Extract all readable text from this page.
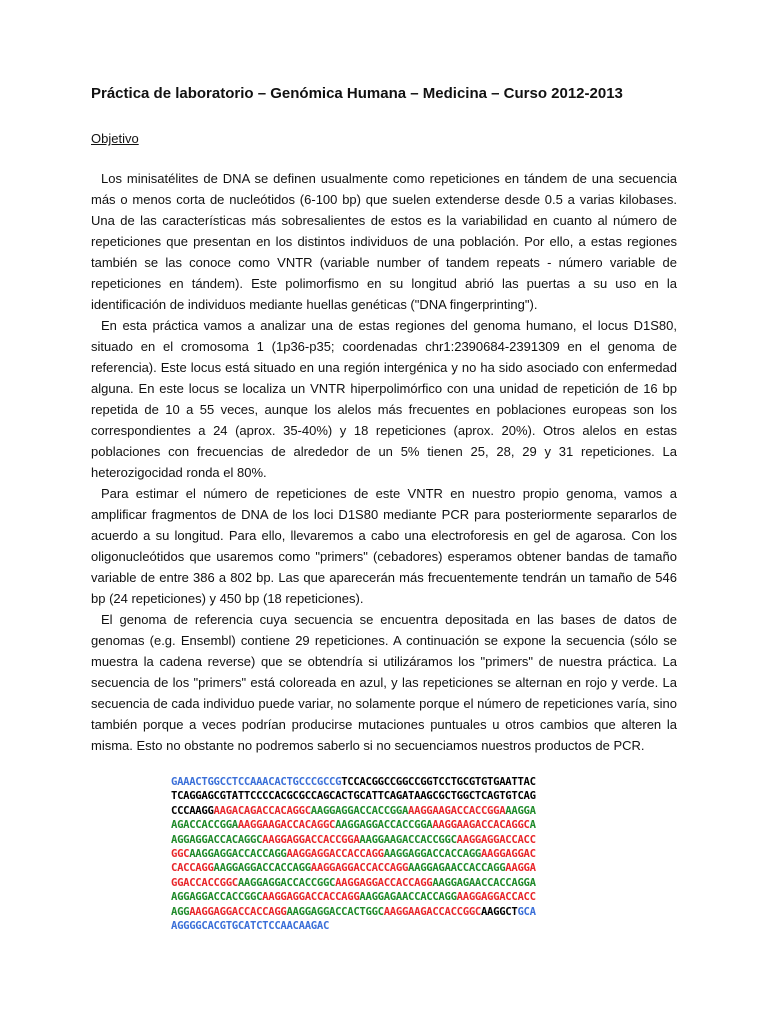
Práctica de laboratorio – Genómica Humana – Medicina – Curso 2012-2013
Objetivo

Los minisatélites de DNA se definen usualmente como repeticiones en tándem de una secuencia más o menos corta de nucleótidos (6-100 bp) que suelen extenderse desde 0.5 a varias kilobases. Una de las características más sobresalientes de estos es la variabilidad en cuanto al número de repeticiones que presentan en los distintos individuos de una población. Por ello, a estas regiones también se las conoce como VNTR (variable number of tandem repeats - número variable de repeticiones en tándem). Este polimorfismo en su longitud abrió las puertas a su uso en la identificación de individuos mediante huellas genéticas ("DNA fingerprinting").

En esta práctica vamos a analizar una de estas regiones del genoma humano, el locus D1S80, situado en el cromosoma 1 (1p36-p35; coordenadas chr1:2390684-2391309 en el genoma de referencia). Este locus está situado en una región intergénica y no ha sido asociado con enfermedad alguna. En este locus se localiza un VNTR hiperpolimórfico con una unidad de repetición de 16 bp repetida de 10 a 55 veces, aunque los alelos más frecuentes en poblaciones europeas son los correspondientes a 24 (aprox. 35-40%) y 18 repeticiones (aprox. 20%). Otros alelos en estas poblaciones con frecuencias de alrededor de un 5% tienen 25, 28, 29 y 31 repeticiones. La heterozigocidad ronda el 80%.

Para estimar el número de repeticiones de este VNTR en nuestro propio genoma, vamos a amplificar fragmentos de DNA de los loci D1S80 mediante PCR para posteriormente separarlos de acuerdo a su longitud. Para ello, llevaremos a cabo una electroforesis en gel de agarosa. Con los oligonucleótidos que usaremos como "primers" (cebadores) esperamos obtener bandas de tamaño variable de entre 386 a 802 bp. Las que aparecerán más frecuentemente tendrán un tamaño de 546 bp (24 repeticiones) y 450 bp (18 repeticiones).

El genoma de referencia cuya secuencia se encuentra depositada en las bases de datos de genomas (e.g. Ensembl) contiene 29 repeticiones. A continuación se expone la secuencia (sólo se muestra la cadena reverse) que se obtendría si utilizáramos los "primers" de nuestra práctica. La secuencia de los "primers" está coloreada en azul, y las repeticiones se alternan en rojo y verde. La secuencia de cada individuo puede variar, no solamente porque el número de repeticiones varía, sino también porque a veces podrían producirse mutaciones puntuales u otros cambios que alteren la misma. Esto no obstante no podremos saberlo si no secuenciamos nuestros productos de PCR.

GAAACTGGCCTCCAAACACTGCCCGCCGTCCACGGCCGGCCGGTCCTGCGTGTGAATTAC
TCAGGAGCGTATTCCCCACGCGCCAGCACTGCATTCAGATAAGCGCTGGCTCAGTGTCAG
CCCAAGGAAGACAGACCACAGGCAAGGAGGACCACCGGAAAGGAAGACCACCGGAAAGGA
AGACCACCGGAAAGGAAGACCACAGGCAAGGAGGACCACCGGAAAGGAAGACCACAGGCA
AGGAGGACCACAGGCAAGGAGGACCACCGGAAAGGAAGACCACCGGCAAGGAGGACCACC
GGCAAGGAGGACCACCAGGAAGGAGGACCACCAGGAAGGAGGACCACCAGGAAGGAGGAC
CACCAGGAAGGAGGACCACCAGGAAGGAGGACCACCAGGAAGGAGAACCACCAGGAAGGA
GGACCACCGGCAAGGAGGACCACCGGCAAGGAGGACCACCAGGAAGGAGAACCACCAGGA
AGGAGGACCACCGGCAAGGAGGACCACCAGGAAGGAGAACCACCAGGAAGGAGGACCACC
AGGAAGGAGGACCACCAGGAAGGAGGACCACTGGCAAGGAAGACCACCGGCAAGGCTGCA
AGGGGCACGTGCATCTCCAACAAGAC
